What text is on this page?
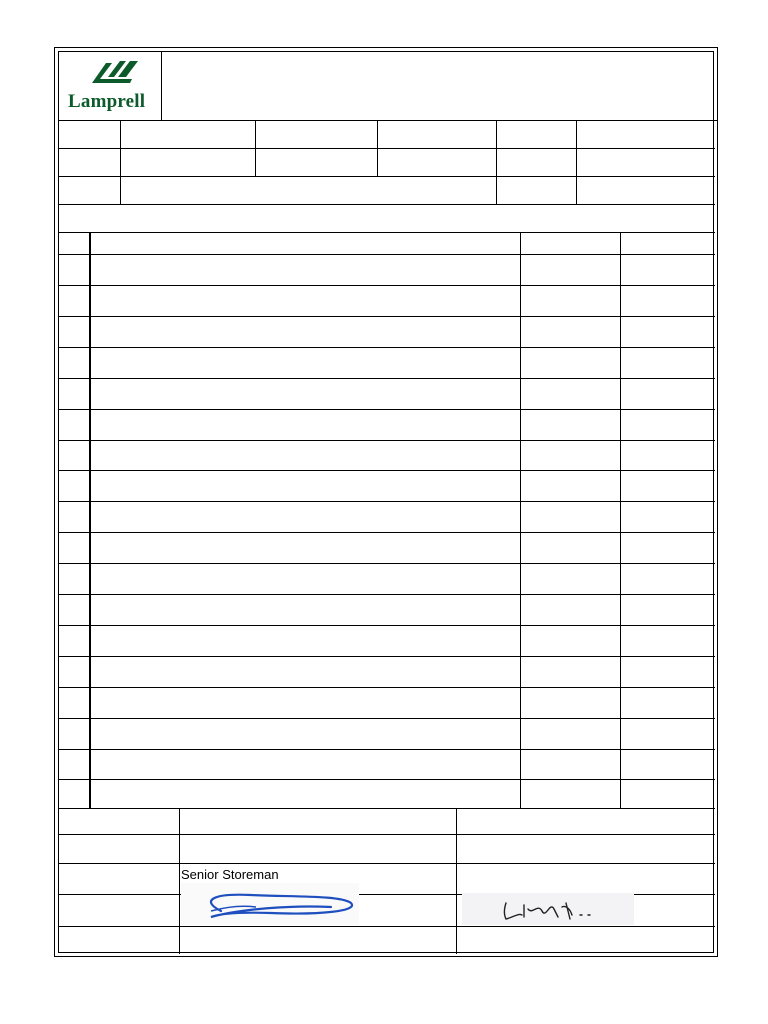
Lamprell
Senior Storeman
